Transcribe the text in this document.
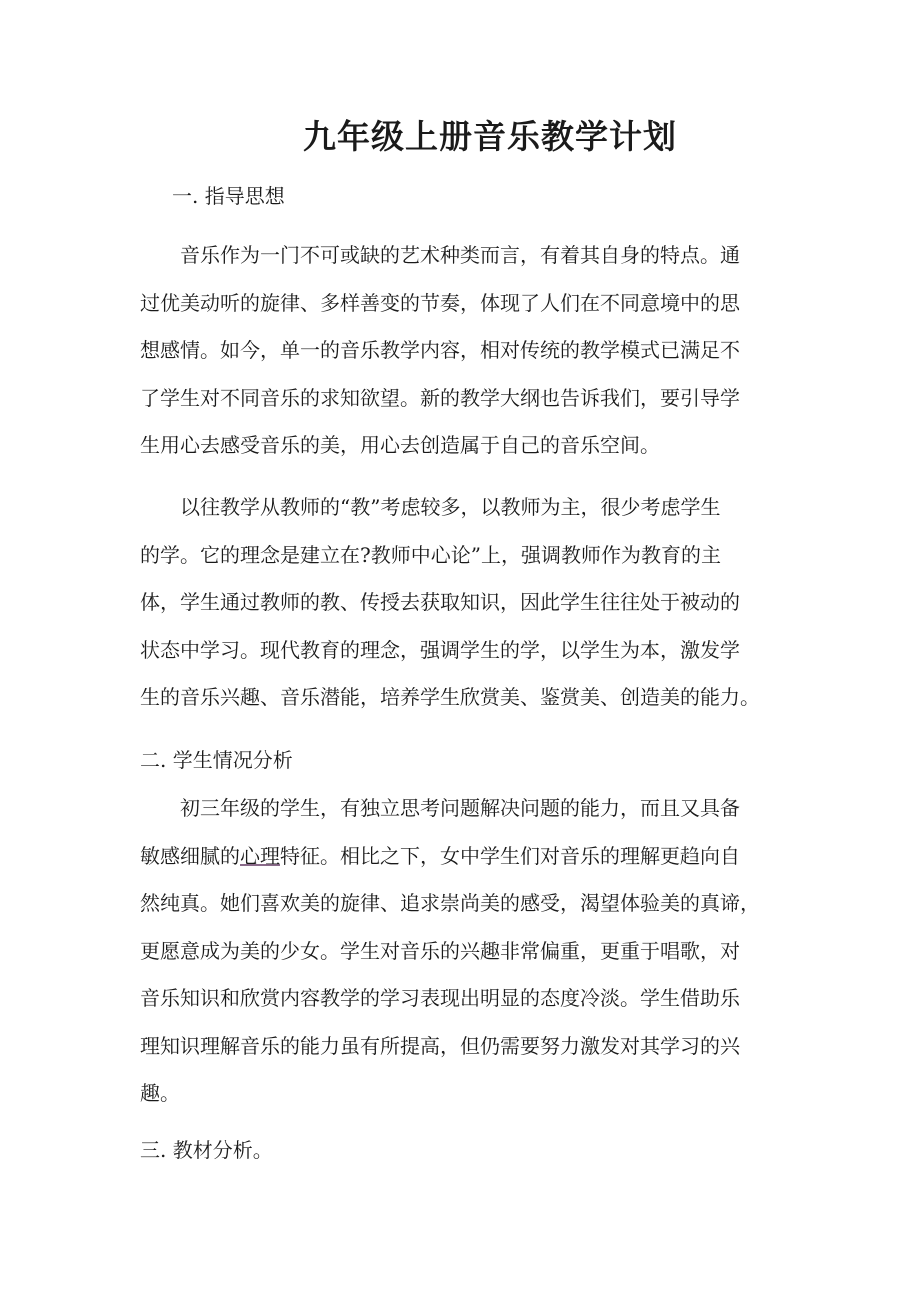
九年级上册音乐教学计划
一. 指导思想
音乐作为一门不可或缺的艺术种类而言，有着其自身的特点。通
过优美动听的旋律、多样善变的节奏，体现了人们在不同意境中的思
想感情。如今，单一的音乐教学内容，相对传统的教学模式已满足不
了学生对不同音乐的求知欲望。新的教学大纲也告诉我们，要引导学
生用心去感受音乐的美，用心去创造属于自己的音乐空间。
以往教学从教师的“教”考虑较多，以教师为主，很少考虑学生
的学。它的理念是建立在?教师中心论”上，强调教师作为教育的主
体，学生通过教师的教、传授去获取知识，因此学生往往处于被动的
状态中学习。现代教育的理念，强调学生的学，以学生为本，激发学
生的音乐兴趣、音乐潜能，培养学生欣赏美、鉴赏美、创造美的能力。
二. 学生情况分析
初三年级的学生，有独立思考问题解决问题的能力，而且又具备
敏感细腻的心理特征。相比之下，女中学生们对音乐的理解更趋向自
然纯真。她们喜欢美的旋律、追求崇尚美的感受，渴望体验美的真谛，
更愿意成为美的少女。学生对音乐的兴趣非常偏重，更重于唱歌，对
音乐知识和欣赏内容教学的学习表现出明显的态度冷淡。学生借助乐
理知识理解音乐的能力虽有所提高，但仍需要努力激发对其学习的兴
趣。
三. 教材分析。
